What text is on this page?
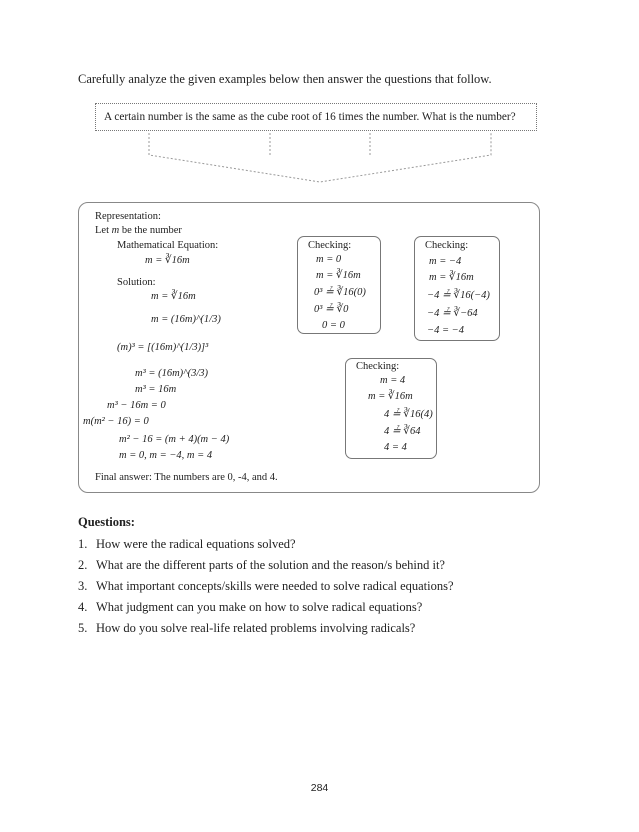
Carefully analyze the given examples below then answer the questions that follow.
A certain number is the same as the cube root of 16 times the number. What is the number?
Representation:
Let m be the number
Mathematical Equation:
m = ∛16m
Solution:
m = ∛16m
m = (16m)^(1/3)
(m)³ = [(16m)^(1/3)]³
m³ = (16m)^(3/3)
m³ = 16m
m³ − 16m = 0
m(m² − 16) = 0
m² − 16 = (m + 4)(m − 4)
m = 0, m = −4, m = 4
Final answer: The numbers are 0, -4, and 4.
Checking:
m = 0
m = ∛16m
0³ ≟ ∛16(0)
0³ ≟ ∛0
0 = 0
Checking:
m = −4
m = ∛16m
−4 ≟ ∛16(−4)
−4 ≟ ∛−64
−4 = −4
Checking:
m = 4
m = ∛16m
4 ≟ ∛16(4)
4 ≟ ∛64
4 = 4
Questions:
1. How were the radical equations solved?
2. What are the different parts of the solution and the reason/s behind it?
3. What important concepts/skills were needed to solve radical equations?
4. What judgment can you make on how to solve radical equations?
5. How do you solve real-life related problems involving radicals?
284
